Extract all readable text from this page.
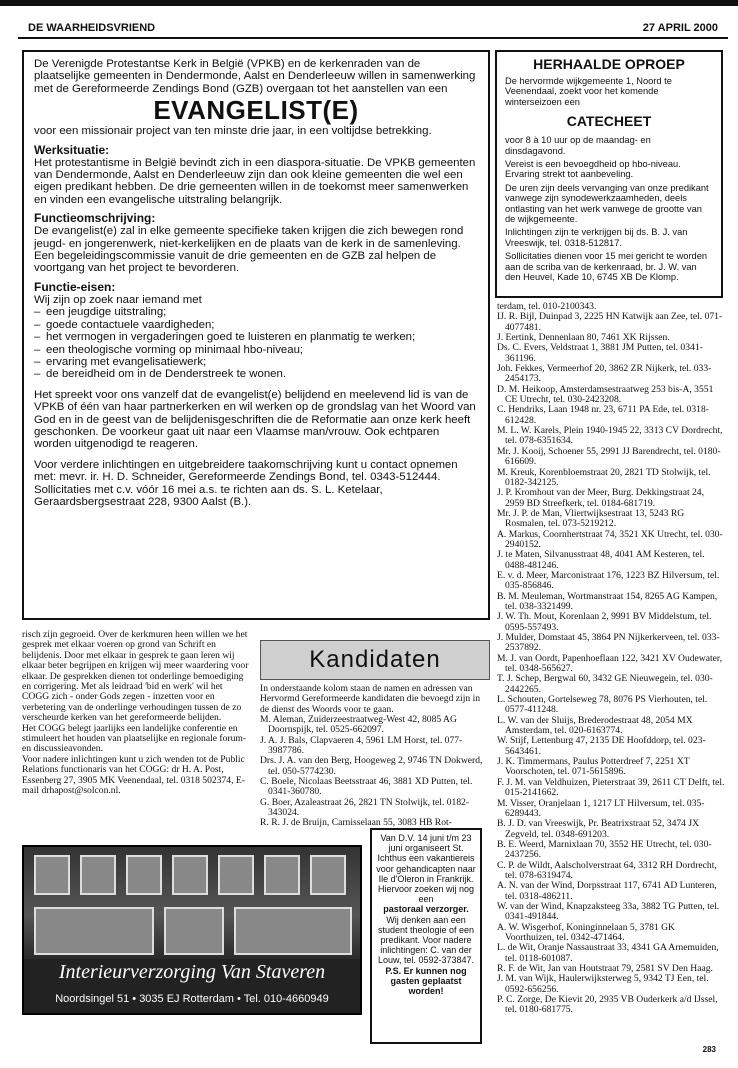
DE WAARHEIDSVRIEND	27 APRIL 2000

De Verenigde Protestantse Kerk in België (VPKB) en de kerkenraden van de plaatselijke gemeenten in Dendermonde, Aalst en Denderleeuw willen in samenwerking met de Gereformeerde Zendings Bond (GZB) overgaan tot het aanstellen van een

EVANGELIST(E)

voor een missionair project van ten minste drie jaar, in een voltijdse betrekking.

Werksituatie:

Het protestantisme in België bevindt zich in een diaspora-situatie. De VPKB gemeenten van Dendermonde, Aalst en Denderleeuw zijn dan ook kleine gemeenten die wel een eigen predikant hebben. De drie gemeenten willen in de toekomst meer samenwerken en vinden een evangelische uitstraling belangrijk.

Functieomschrijving:

De evangelist(e) zal in elke gemeente specifieke taken krijgen die zich bewegen rond jeugd- en jongerenwerk, niet-kerkelijken en de plaats van de kerk in de samenleving. Een begeleidingscommissie vanuit de drie gemeenten en de GZB zal helpen de voortgang van het project te bevorderen.

Functie-eisen:

Wij zijn op zoek naar iemand met

– een jeugdige uitstraling;
– goede contactuele vaardigheden;
– het vermogen in vergaderingen goed te luisteren en planmatig te werken;
– een theologische vorming op minimaal hbo-niveau;
– ervaring met evangelisatiewerk;
– de bereidheid om in de Denderstreek te wonen.

Het spreekt voor ons vanzelf dat de evangelist(e) belijdend en meelevend lid is van de VPKB of één van haar partnerkerken en wil werken op de grondslag van het Woord van God en in de geest van de belijdenisgeschriften die de Reformatie aan onze kerk heeft geschonken. De voorkeur gaat uit naar een Vlaamse man/vrouw. Ook echtparen worden uitgenodigd te reageren.

Voor verdere inlichtingen en uitgebreidere taakomschrijving kunt u contact opnemen met: mevr. ir. H. D. Schneider, Gereformeerde Zendings Bond, tel. 0343-512444.

Sollicitaties met c.v. vóór 16 mei a.s. te richten aan ds. S. L. Ketelaar, Geraardsbergsestraat 228, 9300 Aalst (B.).

HERHAALDE OPROEP

De hervormde wijkgemeente 1, Noord te Veenendaal, zoekt voor het komende winterseizoen een

CATECHEET

voor 8 à 10 uur op de maandag- en dinsdagavond.

Vereist is een bevoegdheid op hbo-niveau. Ervaring strekt tot aanbeveling.

De uren zijn deels vervanging van onze predikant vanwege zijn synodewerkzaamheden, deels ontlasting van het werk vanwege de grootte van de wijkgemeente.

Inlichtingen zijn te verkrijgen bij ds. B. J. van Vreeswijk, tel. 0318-512817.

Sollicitaties dienen voor 15 mei gericht te worden aan de scriba van de kerkenraad, br. J. W. van den Heuvel, Kade 10, 6745 XB De Klomp.

terdam, tel. 010-2100343.
IJ. R. Bijl, Duinpad 3, 2225 HN Katwijk aan Zee, tel. 071-4077481.
J. Eertink, Dennenlaan 80, 7461 XK Rijssen.
Ds. C. Evers, Veldstraat 1, 3881 JM Putten, tel. 0341-361196.
Joh. Fekkes, Vermeerhof 20, 3862 ZR Nijkerk, tel. 033-2454173.
D. M. Heikoop, Amsterdamsestraatweg 253 bis-A, 3551 CE Utrecht, tel. 030-2423208.
C. Hendriks, Laan 1948 nr. 23, 6711 PA Ede, tel. 0318-612428.
M. L. W. Karels, Plein 1940-1945 22, 3313 CV Dordrecht, tel. 078-6351634.
Mr. J. Kooij, Schoener 55, 2991 JJ Barendrecht, tel. 0180-616609.
M. Kreuk, Korenbloemstraat 20, 2821 TD Stolwijk, tel. 0182-342125.
J. P. Kromhout van der Meer, Burg. Dekkingstraat 24, 2959 BD Streefkerk, tel. 0184-681719.
Mr. J. P. de Man, Vliertwijksestraat 13, 5243 RG Rosmalen, tel. 073-5219212.
A. Markus, Coornhertstraat 74, 3521 XK Utrecht, tel. 030-2940152.
J. te Maten, Silvanusstraat 48, 4041 AM Kesteren, tel. 0488-481246.
E. v. d. Meer, Marconistraat 176, 1223 BZ Hilversum, tel. 035-856846.
B. M. Meuleman, Wortmanstraat 154, 8265 AG Kampen, tel. 038-3321499.
J. W. Th. Mout, Korenlaan 2, 9991 BV Middelstum, tel. 0595-557493.
J. Mulder, Domstaat 45, 3864 PN Nijkerkerveen, tel. 033-2537892.
M. J. van Oordt, Papenhoeflaan 122, 3421 XV Oudewater, tel. 0348-565627.
T. J. Schep, Bergwal 60, 3432 GE Nieuwegein, tel. 030-2442265.
L. Schouten, Gortelseweg 78, 8076 PS Vierhouten, tel. 0577-411248.
L. W. van der Sluijs, Brederodestraat 48, 2054 MX Amsterdam, tel. 020-6163774.
W. Stijf, Lettenburg 47, 2135 DE Hoofddorp, tel. 023-5643461.
J. K. Timmermans, Paulus Potterdreef 7, 2251 XT Voorschoten, tel. 071-5615896.
F. J. M. van Veldhuizen, Pieterstraat 39, 2611 CT Delft, tel. 015-2141662.
M. Visser, Oranjelaan 1, 1217 LT Hilversum, tel. 035-6289443.
B. J. D. van Vreeswijk, Pr. Beatrixstraat 52, 3474 JX Zegveld, tel. 0348-691203.
B. E. Weerd, Marnixlaan 70, 3552 HE Utrecht, tel. 030-2437256.
C. P. de Wildt, Aalscholverstraat 64, 3312 RH Dordrecht, tel. 078-6319474.
A. N. van der Wind, Dorpsstraat 117, 6741 AD Lunteren, tel. 0318-486211.
W. van der Wind, Knapzaksteeg 33a, 3882 TG Putten, tel. 0341-491844.
A. W. Wisgerhof, Koninginnelaan 5, 3781 GK Voorthuizen, tel. 0342-471464.
L. de Wit, Oranje Nassaustraat 33, 4341 GA Arnemuiden, tel. 0118-601087.
R. F. de Wit, Jan van Houtstraat 79, 2581 SV Den Haag.
J. M. van Wijk, Haulerwijksterweg 5, 9342 TJ Een, tel. 0592-656256.
P. C. Zorge, De Kievit 20, 2935 VB Ouderkerk a/d IJssel, tel. 0180-681775.

risch zijn gegroeid. Over de kerkmuren heen willen we het gesprek met elkaar voeren op grond van Schrift en belijdenis. Door met elkaar in gesprek te gaan leren wij elkaar beter begrijpen en krijgen wij meer waardering voor elkaar. De gesprekken dienen tot onderlinge bemoediging en corrigering. Met als leidraad 'bid en werk' wil het COGG zich - onder Gods zegen - inzetten voor en verbetering van de onderlinge verhoudingen tussen de zo verscheurde kerken van het gereformeerde belijden.

Het COGG belegt jaarlijks een landelijke conferentie en stimuleert het houden van plaatselijke en regionale forum- en discussieavonden.

Voor nadere inlichtingen kunt u zich wenden tot de Public Relations functionaris van het COGG: dr H. A. Post, Essenberg 27, 3905 MK Veenendaal, tel. 0318 502374, E-mail drhapost@solcon.nl.

Kandidaten
In onderstaande kolom staan de namen en adressen van Hervormd Gereformeerde kandidaten die bevoegd zijn in de dienst des Woords voor te gaan.
M. Aleman, Zuiderzeestraatweg-West 42, 8085 AG Doornspijk, tel. 0525-662097.
J. A. J. Bals, Clapvaeren 4, 5961 LM Horst, tel. 077-3987786.
Drs. J. A. van den Berg, Hoogeweg 2, 9746 TN Dokwerd, tel. 050-5774230.
C. Boele, Nicolaas Beetsstraat 46, 3881 XD Putten, tel. 0341-360780.
G. Boer, Azaleastraat 26, 2821 TN Stolwijk, tel. 0182-343024.
R. R. J. de Bruijn, Carnisselaan 55, 3083 HB Rot-
Interieurverzorging Van Staveren
Noordsingel 51 • 3035 EJ Rotterdam • Tel. 010-4660949

Van D.V. 14 juni t/m 23 juni organiseert St. Ichthus een vakantiereis voor gehandicapten naar Ile d'Oleron in Frankrijk. Hiervoor zoeken wij nog een

pastoraal verzorger.

Wij denken aan een student theologie of een predikant. Voor nadere inlichtingen: C. van der Louw, tel. 0592-373847.

P.S. Er kunnen nog gasten geplaatst worden!

283
